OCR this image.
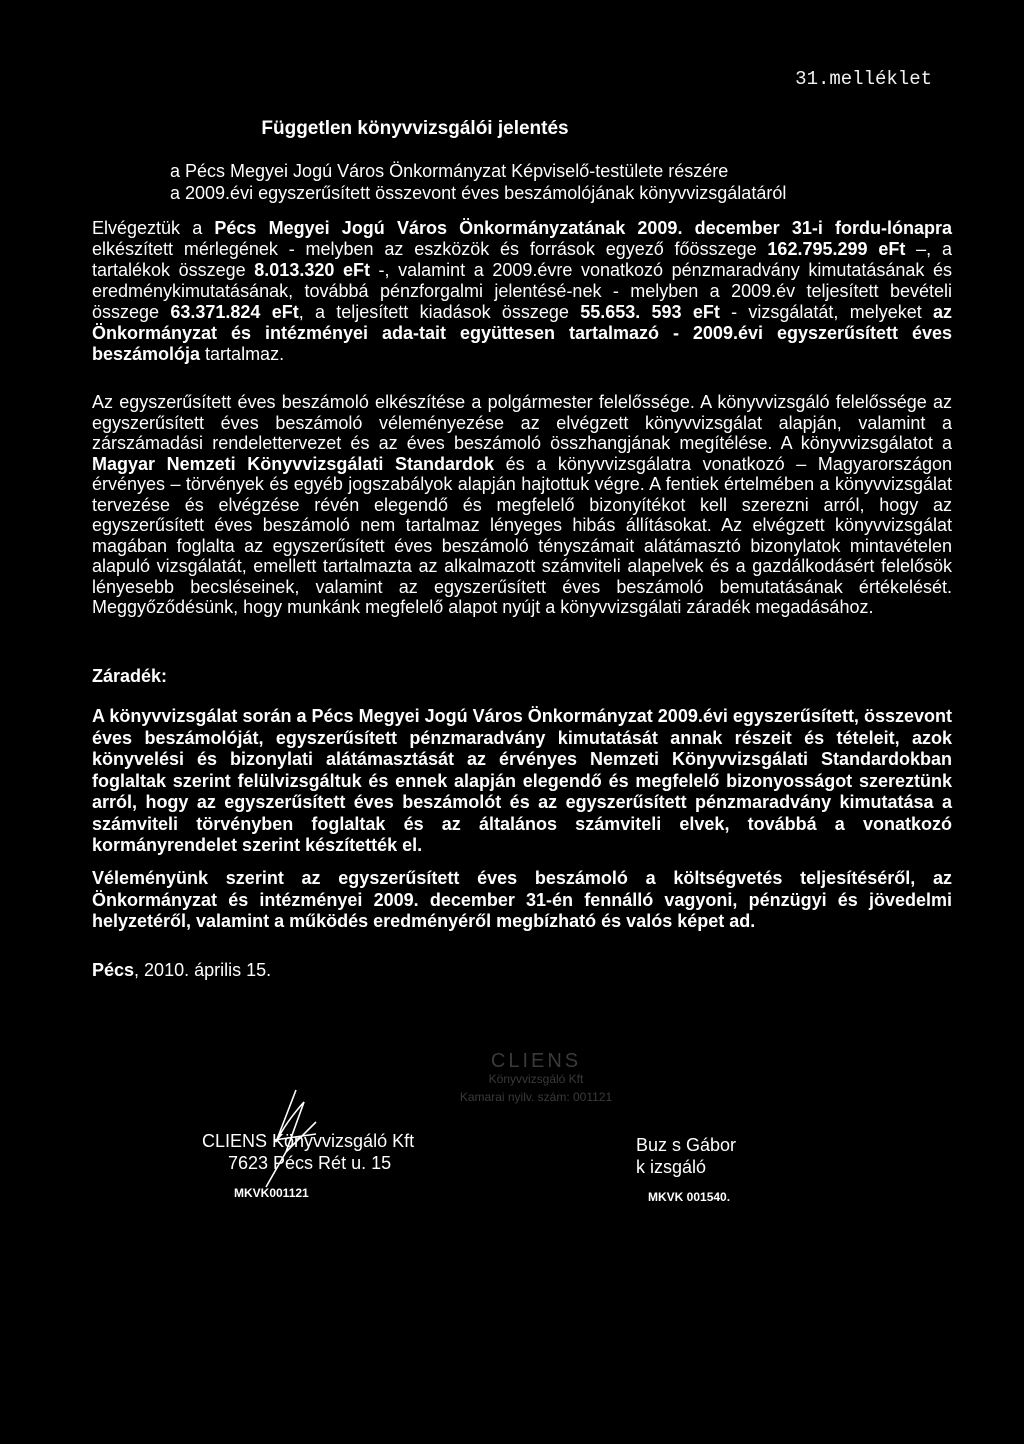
31.melléklet
Független könyvvizsgálói jelentés
a Pécs Megyei Jogú Város Önkormányzat Képviselő-testülete részére
a 2009.évi egyszerűsített összevont éves beszámolójának könyvvizsgálatáról

Elvégeztük a Pécs Megyei Jogú Város Önkormányzatának 2009. december 31-i fordu-lónapra elkészített mérlegének - melyben az eszközök és források egyező főösszege 162.795.299 eFt –, a tartalékok összege 8.013.320 eFt -, valamint a 2009.évre vonatkozó pénzmaradvány kimutatásának és eredménykimutatásának, továbbá pénzforgalmi jelentésé-nek - melyben a 2009.év teljesített bevételi összege 63.371.824 eFt, a teljesített kiadások összege 55.653. 593 eFt - vizsgálatát, melyeket az Önkormányzat és intézményei ada-tait együttesen tartalmazó - 2009.évi egyszerűsített éves beszámolója tartalmaz.

Az egyszerűsített éves beszámoló elkészítése a polgármester felelőssége. A könyvvizsgáló felelőssége az egyszerűsített éves beszámoló véleményezése az elvégzett könyvvizsgálat alapján, valamint a zárszámadási rendelettervezet és az éves beszámoló összhangjának megítélése. A könyvvizsgálatot a Magyar Nemzeti Könyvvizsgálati Standardok és a könyvvizsgálatra vonatkozó – Magyarországon érvényes – törvények és egyéb jogszabályok alapján hajtottuk végre. A fentiek értelmében a könyvvizsgálat tervezése és elvégzése révén elegendő és megfelelő bizonyítékot kell szerezni arról, hogy az egyszerűsített éves beszámoló nem tartalmaz lényeges hibás állításokat. Az elvégzett könyvvizsgálat magában foglalta az egyszerűsített éves beszámoló tényszámait alátámasztó bizonylatok mintavételen alapuló vizsgálatát, emellett tartalmazta az alkalmazott számviteli alapelvek és a gazdálkodásért felelősök lényesebb becsléseinek, valamint az egyszerűsített éves beszámoló bemutatásának értékelését. Meggyőződésünk, hogy munkánk megfelelő alapot nyújt a könyvvizsgálati záradék megadásához.

Záradék:
A könyvvizsgálat során a Pécs Megyei Jogú Város Önkormányzat 2009.évi egyszerűsített, összevont éves beszámolóját, egyszerűsített pénzmaradvány kimutatását annak részeit és tételeit, azok könyvelési és bizonylati alátámasztását az érvényes Nemzeti Könyvvizsgálati Standardokban foglaltak szerint felülvizsgáltuk és ennek alapján elegendő és megfelelő bizonyosságot szereztünk arról, hogy az egyszerűsített éves beszámolót és az egyszerűsített pénzmaradvány kimutatása a számviteli törvényben foglaltak és az általános számviteli elvek, továbbá a vonatkozó kormányrendelet szerint készítették el.
Véleményünk szerint az egyszerűsített éves beszámoló a költségvetés teljesítéséről, az Önkormányzat és intézményei 2009. december 31-én fennálló vagyoni, pénzügyi és jövedelmi helyzetéről, valamint a működés eredményéről megbízható és valós képet ad.
Pécs, 2010. április 15.
CLIENS
Könyvvizsgáló Kft
Kamarai nyilv. szám: 001121
CLIENS Könyvvizsgáló Kft
7623 Pécs Rét u. 15
MKVK001121
Buz s Gábor
k izsgáló
MKVK 001540.
